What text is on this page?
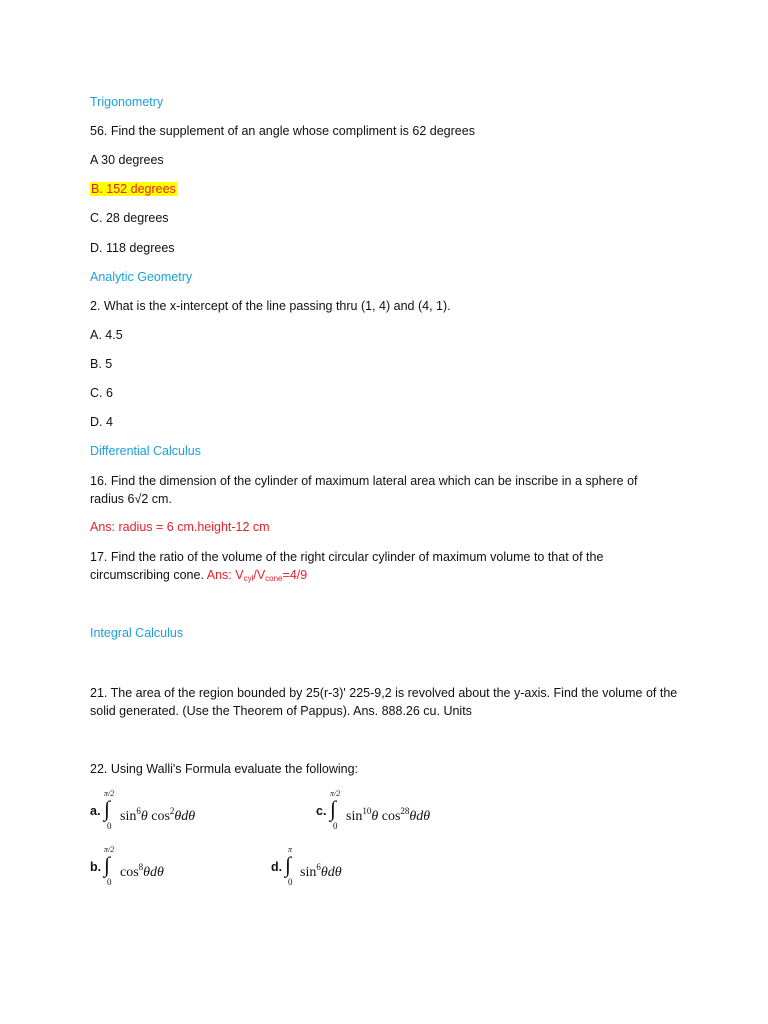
Trigonometry
56. Find the supplement of an angle whose compliment is 62 degrees
A 30 degrees
B. 152 degrees
C. 28 degrees
D. 118 degrees
Analytic Geometry
2. What is the x-intercept of the line passing thru (1, 4) and (4, 1).
A. 4.5
B. 5
C. 6
D. 4
Differential Calculus
16. Find the dimension of the cylinder of maximum lateral area which can be inscribe in a sphere of radius 6√2 cm.
Ans: radius = 6 cm.height-12 cm
17. Find the ratio of the volume of the right circular cylinder of maximum volume to that of the circumscribing cone. Ans: $V_{cyl}/V_{cone}=4/9$
Integral Calculus
21. The area of the region bounded by 25(r-3)' 225-9,2 is revolved about the y-axis. Find the volume of the solid generated. (Use the Theorem of Pappus). Ans. 888.26 cu. Units
22. Using Walli's Formula evaluate the following:
a.
π/2
∫
0
$\sin^6\theta$ $\cos^2\theta d\theta$	c.
π/2
∫
0
$\sin^{10}\theta$ $\cos^{28}\theta d\theta$
b.
π/2
∫
0
$\cos^8\theta d\theta$	d.
π
∫
0
$\sin^6\theta d\theta$
